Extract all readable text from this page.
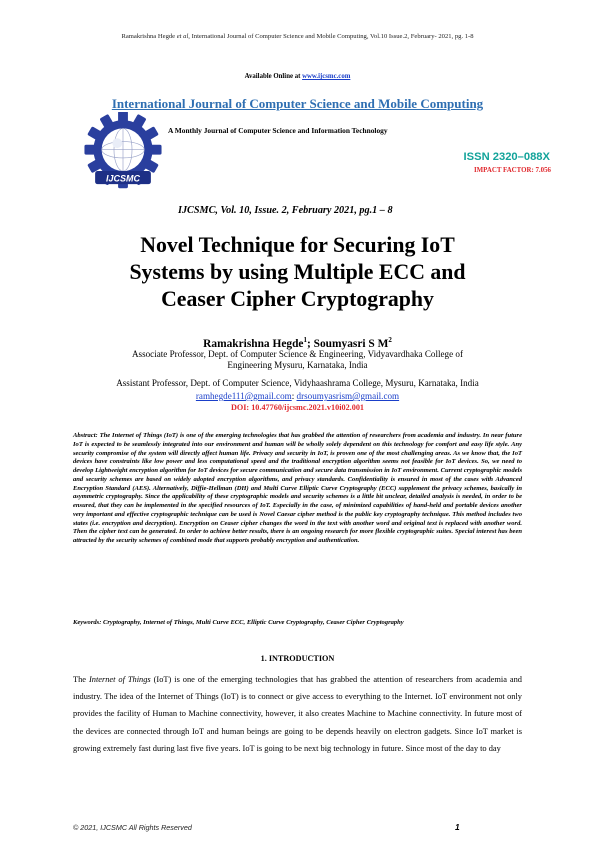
Ramakrishna Hegde et al, International Journal of Computer Science and Mobile Computing, Vol.10 Issue.2, February- 2021, pg. 1-8
Available Online at www.ijcsmc.com
International Journal of Computer Science and Mobile Computing
IJCSMC
A Monthly Journal of Computer Science and Information Technology
ISSN 2320–088X
IMPACT FACTOR: 7.056
IJCSMC, Vol. 10, Issue. 2, February 2021, pg.1 – 8
Novel Technique for Securing IoT
Systems by using Multiple ECC and
Ceaser Cipher Cryptography
Ramakrishna Hegde$^1$; Soumyasri S $M^2$
Associate Professor, Dept. of Computer Science & Engineering, Vidyavardhaka College of
Engineering Mysuru, Karnataka, India
Assistant Professor, Dept. of Computer Science, Vidyhaashrama College, Mysuru, Karnataka, India
ramhegde111@gmail.com: drsoumyasrism@gmail.com
DOI: 10.47760/ijcsmc.2021.v10i02.001
Abstract: The Internet of Things (IoT) is one of the emerging technologies that has grabbed the attention of researchers from academia and industry. In near future IoT is expected to be seamlessly integrated into our environment and human will be wholly solely dependent on this technology for comfort and easy life style. Any security compromise of the system will directly affect human life. Privacy and security in IoT, is proven one of the most challenging areas. As we know that, the IoT devices have constraints like low power and less computational speed and the traditional encryption algorithm seems not feasible for IoT devices. So, we need to develop Lightweight encryption algorithm for IoT devices for secure communication and secure data transmission in IoT environment. Current cryptographic models and security schemes are based on widely adopted encryption algorithms, and privacy standards. Confidentiality is ensured in most of the cases with Advanced Encryption Standard (AES). Alternatively, Diffie-Hellman (DH) and Multi Curve Elliptic Curve Cryptography (ECC) supplement the privacy schemes, basically in asymmetric cryptography. Since the applicability of these cryptographic models and security schemes is a little bit unclear, detailed analysis is needed, in order to be ensured, that they can be implemented in the specified resources of IoT. Especially in the case, of minimized capabilities of hand-held and portable devices another very important and effective cryptographic technique can be used is Novel Caesar cipher method is the public key cryptography technique. This method includes two states (i.e. encryption and decryption). Encryption on Ceaser cipher changes the word in the text with another word and original text is replaced with another word. Then the cipher text can be generated. In order to achieve better results, there is an ongoing research for more flexible cryptographic suites. Special interest has been attracted by the security schemes of combined mode that supports probably encryption and authentication.
Keywords: Cryptography, Internet of Things, Multi Curve ECC, Elliptic Curve Cryptography, Ceaser Cipher Cryptography
1. INTRODUCTION
The Internet of Things (IoT) is one of the emerging technologies that has grabbed the attention of researchers from academia and industry. The idea of the Internet of Things (IoT) is to connect or give access to everything to the Internet. IoT environment not only provides the facility of Human to Machine connectivity, however, it also creates Machine to Machine connectivity. In future most of the devices are connected through IoT and human beings are going to be depends heavily on electron gadgets. Since IoT market is growing extremely fast during last five five years. IoT is going to be next big technology in future. Since most of the day to day
© 2021, IJCSMC All Rights Reserved	1
